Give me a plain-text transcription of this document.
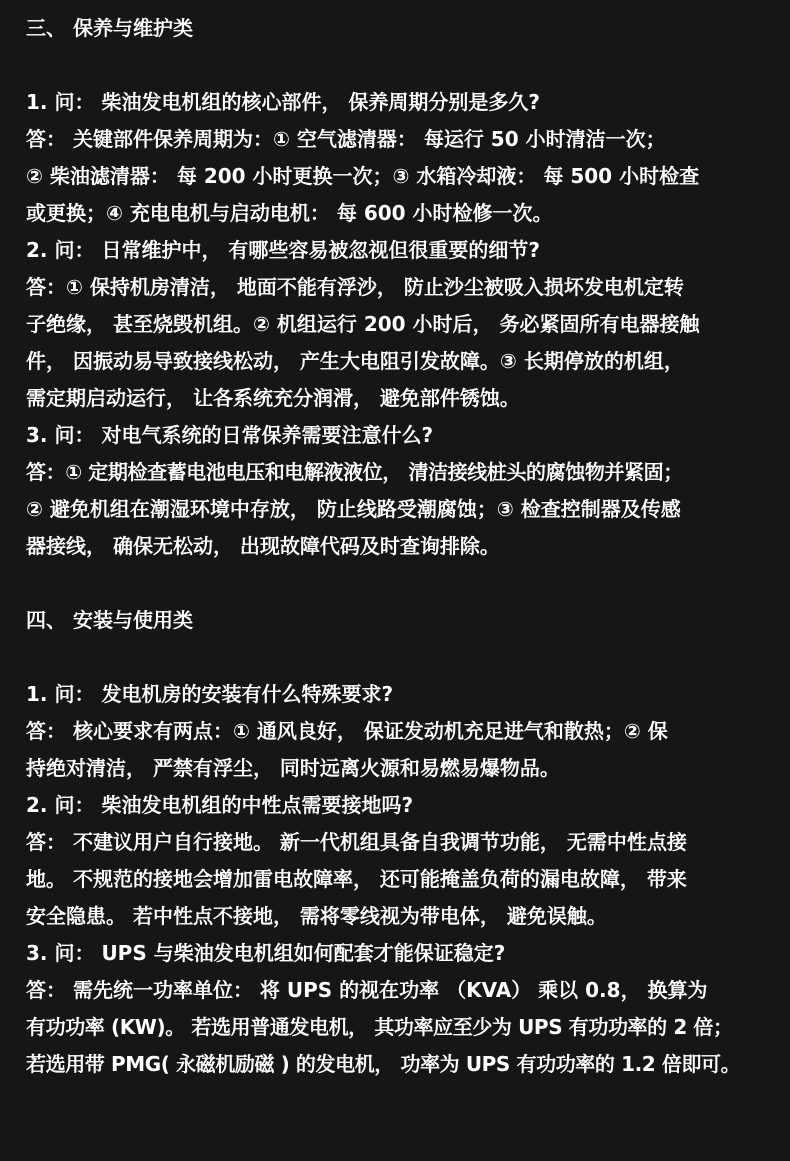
三、 保养与维护类
1. 问： 柴油发电机组的核心部件， 保养周期分别是多久?
答： 关键部件保养周期为：① 空气滤清器： 每运行 50 小时清洁一次；
② 柴油滤清器： 每 200 小时更换一次；③ 水箱冷却液： 每 500 小时检查
或更换；④ 充电电机与启动电机： 每 600 小时检修一次。
2. 问： 日常维护中， 有哪些容易被忽视但很重要的细节?
答：① 保持机房清洁， 地面不能有浮沙， 防止沙尘被吸入损坏发电机定转
子绝缘， 甚至烧毁机组。② 机组运行 200 小时后， 务必紧固所有电器接触
件， 因振动易导致接线松动， 产生大电阻引发故障。③ 长期停放的机组，
需定期启动运行， 让各系统充分润滑， 避免部件锈蚀。
3. 问： 对电气系统的日常保养需要注意什么?
答：① 定期检查蓄电池电压和电解液液位， 清洁接线桩头的腐蚀物并紧固；
② 避免机组在潮湿环境中存放， 防止线路受潮腐蚀；③ 检查控制器及传感
器接线， 确保无松动， 出现故障代码及时查询排除。
四、 安装与使用类
1. 问： 发电机房的安装有什么特殊要求?
答： 核心要求有两点：① 通风良好， 保证发动机充足进气和散热；② 保
持绝对清洁， 严禁有浮尘， 同时远离火源和易燃易爆物品。
2. 问： 柴油发电机组的中性点需要接地吗?
答： 不建议用户自行接地。 新一代机组具备自我调节功能， 无需中性点接
地。 不规范的接地会增加雷电故障率， 还可能掩盖负荷的漏电故障， 带来
安全隐患。 若中性点不接地， 需将零线视为带电体， 避免误触。
3. 问： UPS 与柴油发电机组如何配套才能保证稳定?
答： 需先统一功率单位： 将 UPS 的视在功率 （KVA） 乘以 0.8， 换算为
有功功率 (KW)。 若选用普通发电机， 其功率应至少为 UPS 有功功率的 2 倍；
若选用带 PMG( 永磁机励磁 ) 的发电机， 功率为 UPS 有功功率的 1.2 倍即可。
